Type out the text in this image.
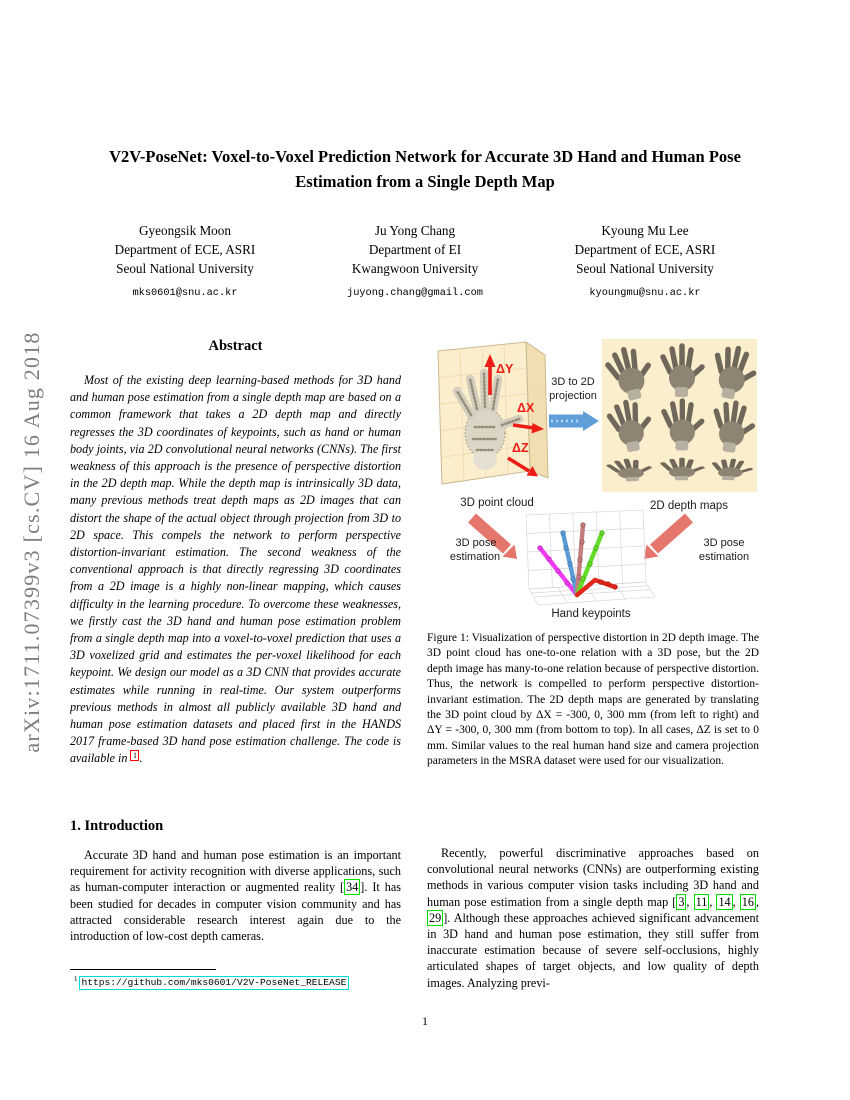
arXiv:1711.07399v3 [cs.CV] 16 Aug 2018
V2V-PoseNet: Voxel-to-Voxel Prediction Network for Accurate 3D Hand and Human Pose Estimation from a Single Depth Map
Gyeongsik Moon
Department of ECE, ASRI
Seoul National University
mks0601@snu.ac.kr
Ju Yong Chang
Department of EI
Kwangwoon University
juyong.chang@gmail.com
Kyoung Mu Lee
Department of ECE, ASRI
Seoul National University
kyoungmu@snu.ac.kr
Abstract
Most of the existing deep learning-based methods for 3D hand and human pose estimation from a single depth map are based on a common framework that takes a 2D depth map and directly regresses the 3D coordinates of keypoints, such as hand or human body joints, via 2D convolutional neural networks (CNNs). The first weakness of this approach is the presence of perspective distortion in the 2D depth map. While the depth map is intrinsically 3D data, many previous methods treat depth maps as 2D images that can distort the shape of the actual object through projection from 3D to 2D space. This compels the network to perform perspective distortion-invariant estimation. The second weakness of the conventional approach is that directly regressing 3D coordinates from a 2D image is a highly non-linear mapping, which causes difficulty in the learning procedure. To overcome these weaknesses, we firstly cast the 3D hand and human pose estimation problem from a single depth map into a voxel-to-voxel prediction that uses a 3D voxelized grid and estimates the per-voxel likelihood for each keypoint. We design our model as a 3D CNN that provides accurate estimates while running in real-time. Our system outperforms previous methods in almost all publicly available 3D hand and human pose estimation datasets and placed first in the HANDS 2017 frame-based 3D hand pose estimation challenge. The code is available in $^1$ .
1. Introduction
Accurate 3D hand and human pose estimation is an important requirement for activity recognition with diverse applications, such as human-computer interaction or augmented reality [ 34 ]. It has been studied for decades in computer vision community and has attracted considerable research interest again due to the introduction of low-cost depth cameras.
$^1$ https://github.com/mks0601/V2V-PoseNet_RELEASE
ΔY
ΔX
ΔZ
3D to 2D
projection
3D point cloud	2D depth maps
3D pose
estimation
3D pose
estimation
Hand keypoints
Figure 1: Visualization of perspective distortion in 2D depth image. The 3D point cloud has one-to-one relation with a 3D pose, but the 2D depth image has many-to-one relation because of perspective distortion. Thus, the network is compelled to perform perspective distortion-invariant estimation. The 2D depth maps are generated by translating the 3D point cloud by ΔX = -300, 0, 300 mm (from left to right) and ΔY = -300, 0, 300 mm (from bottom to top). In all cases, ΔZ is set to 0 mm. Similar values to the real human hand size and camera projection parameters in the MSRA dataset were used for our visualization.
Recently, powerful discriminative approaches based on convolutional neural networks (CNNs) are outperforming existing methods in various computer vision tasks including 3D hand and human pose estimation from a single depth map [ 3 , 11 , 14 , 16 , 29 ]. Although these approaches achieved significant advancement in 3D hand and human pose estimation, they still suffer from inaccurate estimation because of severe self-occlusions, highly articulated shapes of target objects, and low quality of depth images. Analyzing previ-
1
